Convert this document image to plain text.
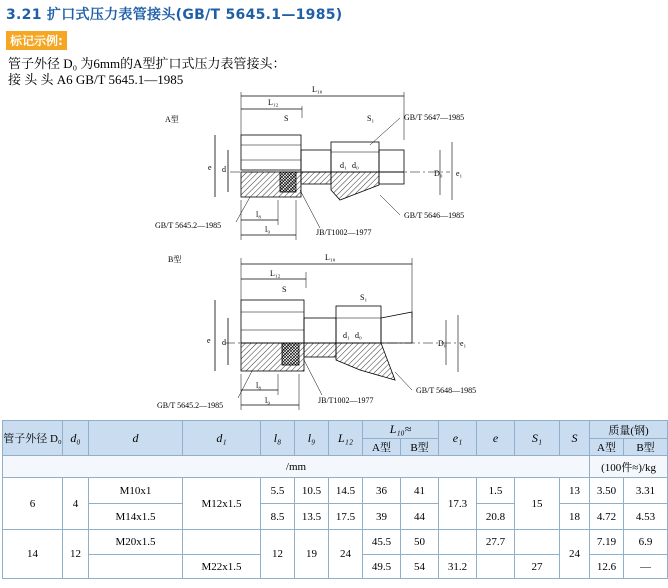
3.21 扩口式压力表管接头(GB/T 5645.1—1985)
标记示例:
管子外径 D₀ 为6mm的A型扩口式压力表管接头：
接 头 头 A6 GB/T 5645.1—1985
A型
L₁₀
L₁₂
S	S₁
e d	D₀ e₁
d₁ d₀
l₈
l₉
GB/T 5647—1985
GB/T 5646—1985
GB/T 5645.2—1985
JB/T1002—1977
B型	L₁₀
L₁₂
S
S₁
e d	D₀ e₁
d₁ d₀
l₈
l₉
GB/T 5648—1985
GB/T 5645.2—1985
JB/T1002—1977
管子外径 D₀	d₀	d	d₁	l₈	l₉	L₁₂	L₁₀≈		e₁	e	S₁	S	质量(钢)	
							A型	B型					A型	B型
/mm													(100件≈)/kg	
6	4	M10x1	M12x1.5	5.5	10.5	14.5	36	41	17.3	1.5	15	13	3.50	3.31
		M14x1.5		8.5	13.5	17.5	39	44		20.8		18	4.72	4.53
14	12	M20x1.5		12	19	24	45.5	50		27.7		24	7.19	6.9
			M22x1.5				49.5	54	31.2		27		12.6	—
